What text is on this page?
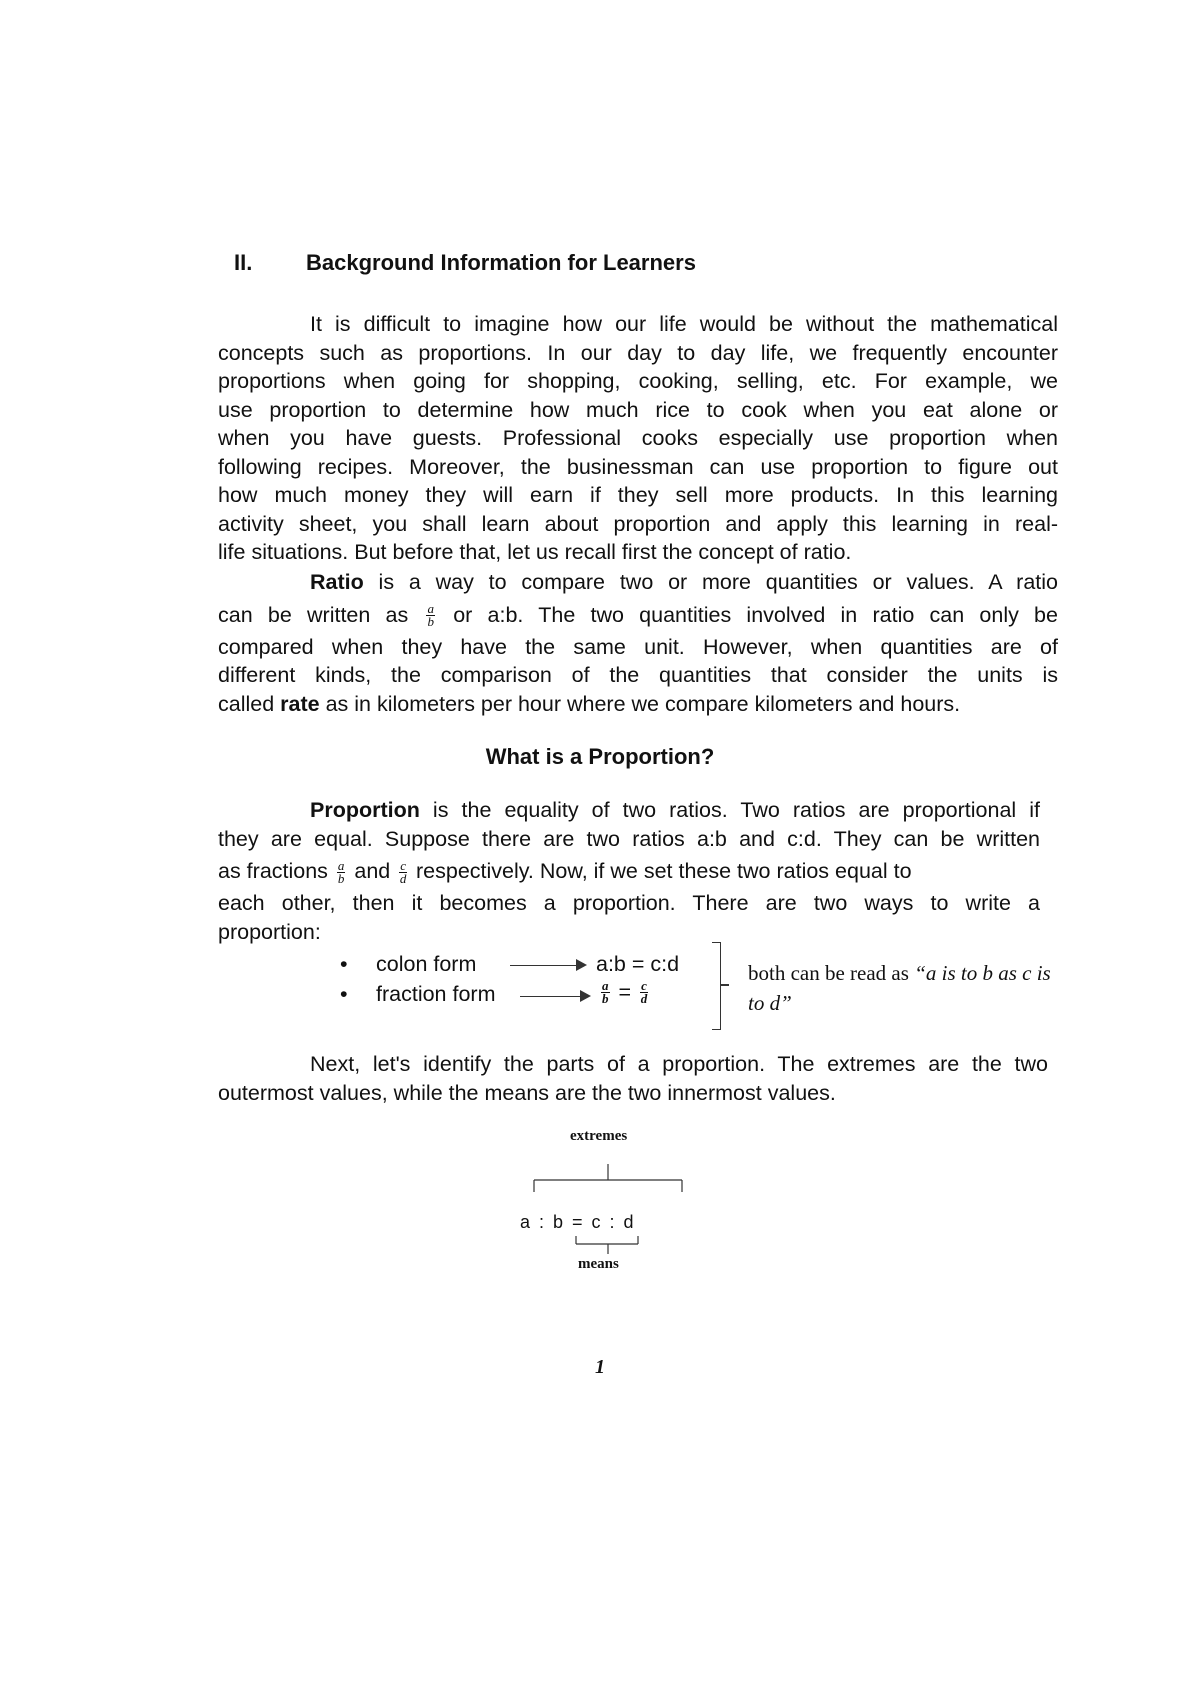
II.	Background Information for Learners

It is difficult to imagine how our life would be without the mathematical
concepts such as proportions. In our day to day life, we frequently encounter
proportions when going for shopping, cooking, selling, etc. For example, we
use proportion to determine how much rice to cook when you eat alone or
when you have guests. Professional cooks especially use proportion when
following recipes. Moreover, the businessman can use proportion to figure out
how much money they will earn if they sell more products. In this learning
activity sheet, you shall learn about proportion and apply this learning in real-
life situations. But before that, let us recall first the concept of ratio.

Ratio is a way to compare two or more quantities or values. A ratio
can be written as $\frac{a}{b}$ or a:b. The two quantities involved in ratio can only be
compared when they have the same unit. However, when quantities are of
different kinds, the comparison of the quantities that consider the units is
called rate as in kilometers per hour where we compare kilometers and hours.
What is a Proportion?
Proportion is the equality of two ratios. Two ratios are proportional if
they are equal. Suppose there are two ratios a:b and c:d. They can be written
as fractions $\frac{a}{b}$ and $\frac{c}{d}$ respectively. Now, if we set these two ratios equal to
each other, then it becomes a proportion. There are two ways to write a
proportion:
•	colon form	a:b = c:d
•	fraction form	$\frac{a}{b} = \frac{c}{d}$
both can be read as “a is to b as c is to d”
Next, let's identify the parts of a proportion. The extremes are the two
outermost values, while the means are the two innermost values.
extremes
a : b = c : d
means
1
